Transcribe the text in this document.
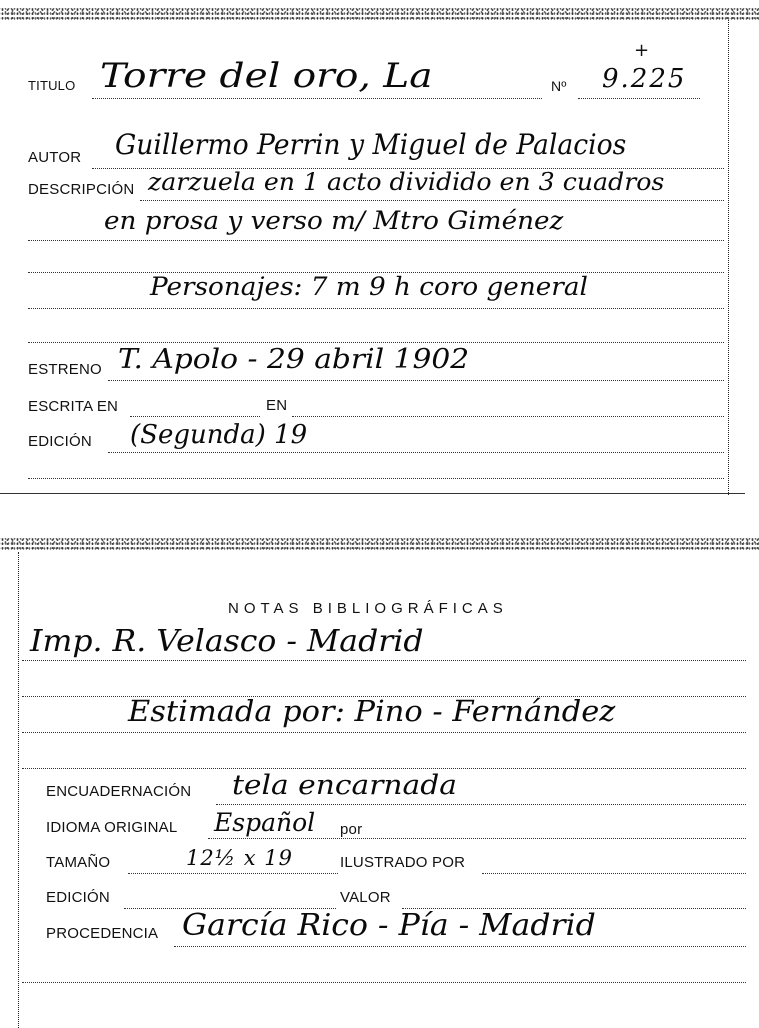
TITULO Torre del oro, La	Nº 9.225
+
AUTOR Guillermo Perrin y Miguel de Palacios
DESCRIPCIÓN zarzuela en 1 acto dividido en 3 cuadros
en prosa y verso m/ Mtro Giménez
Personajes: 7 m 9 h coro general
ESTRENO T. Apolo - 29 abril 1902
ESCRITA EN	EN
EDICIÓN (Segunda) 19
NOTAS BIBLIOGRÁFICAS
Imp. R. Velasco - Madrid
Estimada por: Pino - Fernández
ENCUADERNACIÓN tela encarnada
IDIOMA ORIGINAL Español por
TAMAÑO	12½ x 19	ILUSTRADO POR
EDICIÓN	VALOR
PROCEDENCIA García Rico - Pía - Madrid
